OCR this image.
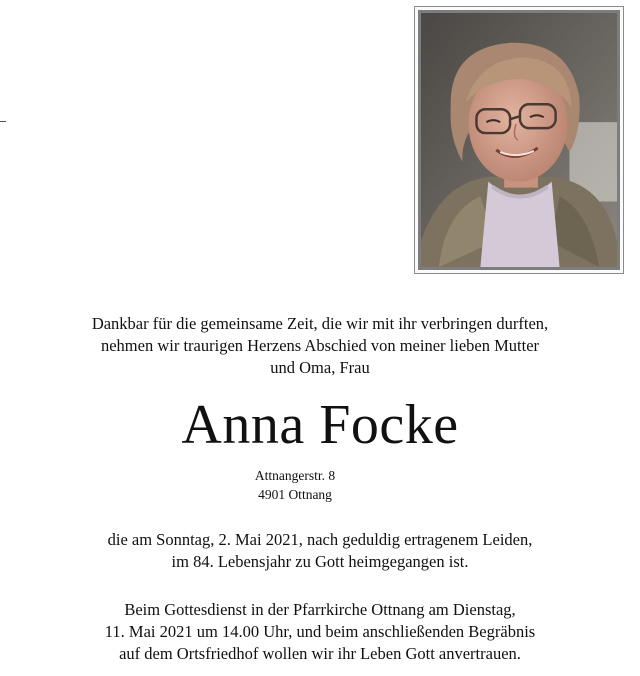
Dankbar für die gemeinsame Zeit, die wir mit ihr verbringen durften,
nehmen wir traurigen Herzens Abschied von meiner lieben Mutter
und Oma, Frau
Anna Focke
Attnangerstr. 8
4901 Ottnang
die am Sonntag, 2. Mai 2021, nach geduldig ertragenem Leiden,
im 84. Lebensjahr zu Gott heimgegangen ist.
Beim Gottesdienst in der Pfarrkirche Ottnang am Dienstag,
11. Mai 2021 um 14.00 Uhr, und beim anschließenden Begräbnis
auf dem Ortsfriedhof wollen wir ihr Leben Gott anvertrauen.
